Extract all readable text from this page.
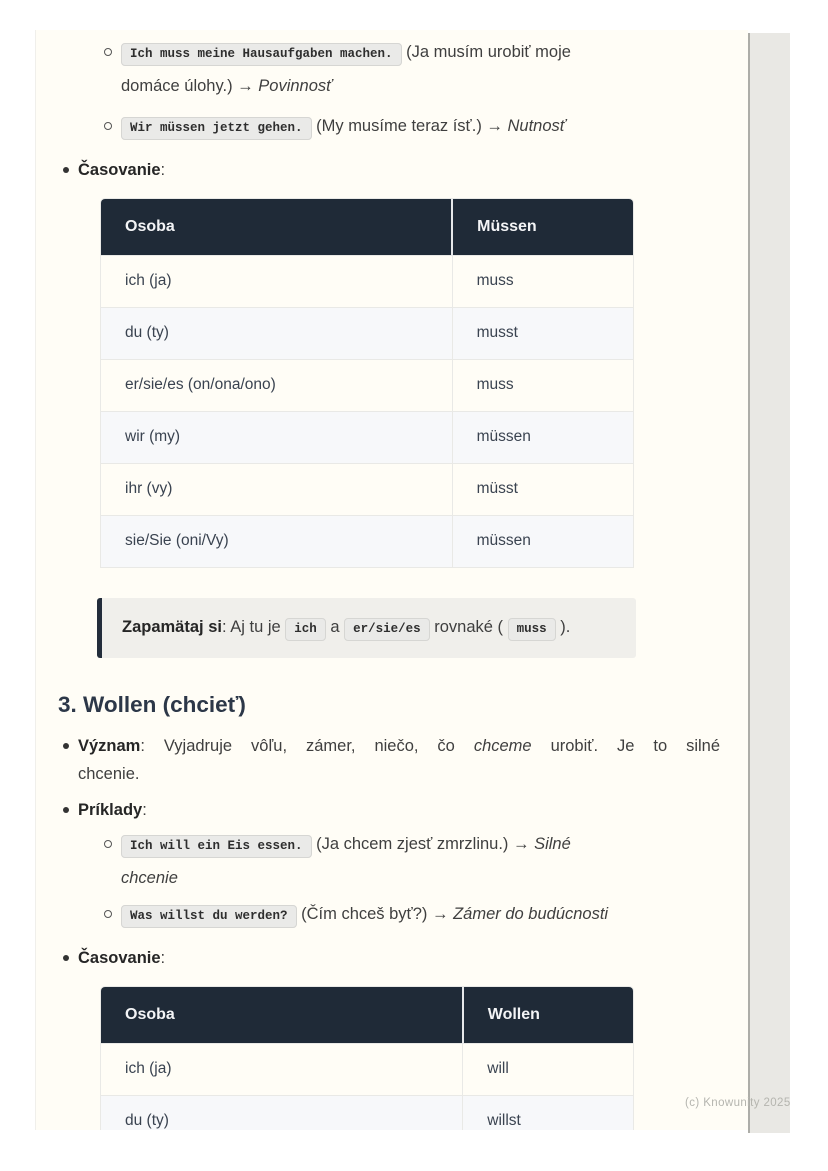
Ich muss meine Hausaufgaben machen. (Ja musím urobiť moje
domáce úlohy.) → Povinnosť

Wir müssen jetzt gehen. (My musíme teraz ísť.) → Nutnosť

Časovanie:
Osoba	Müssen
ich (ja)	muss
du (ty)	musst
er/sie/es (on/ona/ono)	muss
wir (my)	müssen
ihr (vy)	müsst
sie/Sie (oni/Vy)	müssen

Zapamätaj si: Aj tu je ich a er/sie/es rovnaké ( muss ).

3. Wollen (chcieť)
Význam: Vyjadruje vôľu, zámer, niečo, čo chceme urobiť. Je to silné
chcenie.
Príklady:

Ich will ein Eis essen. (Ja chcem zjesť zmrzlinu.) → Silné
chcenie

Was willst du werden? (Čím chceš byť?) → Zámer do budúcnosti

Časovanie:
Osoba	Wollen
ich (ja)	will
du (ty)	willst
(c) Knowunity 2025
